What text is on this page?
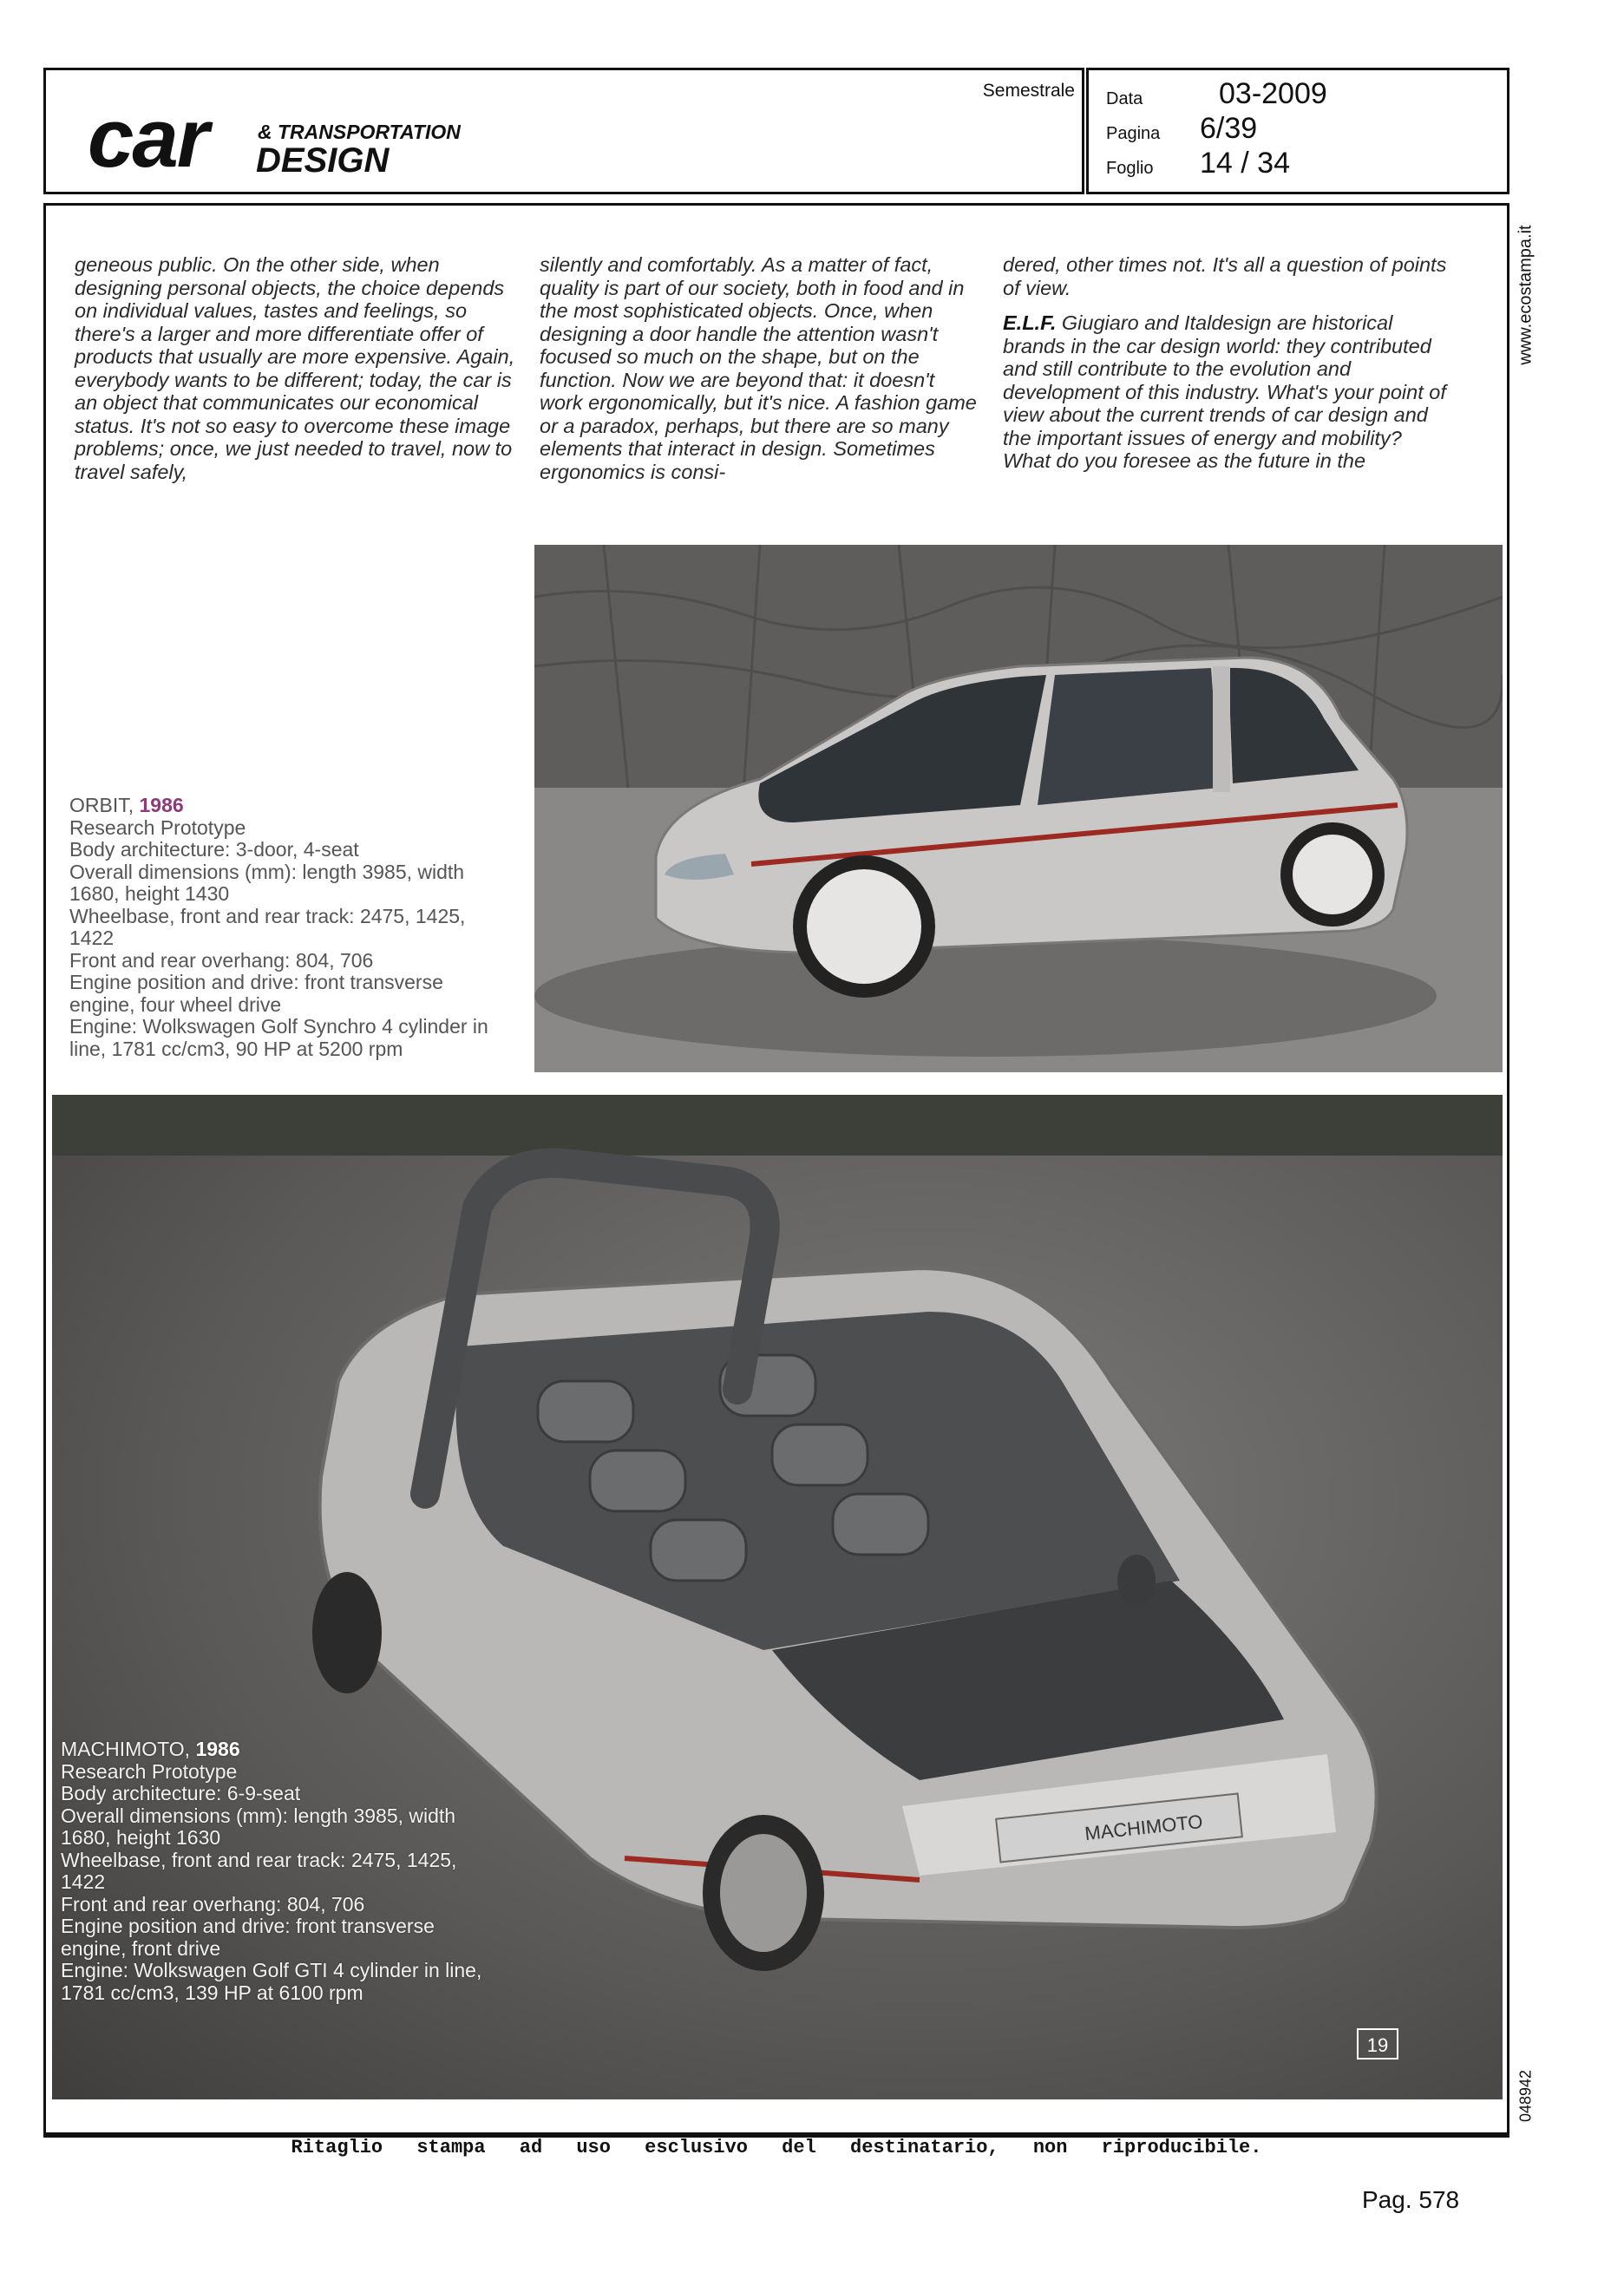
car	& TRANSPORTATION
DESIGN
Semestrale Data	03-2009
Pagina 6/39
Foglio 14 / 34
www.ecostampa.it
048942

geneous public. On the other side, when designing personal objects, the choice depends on individual values, tastes and feelings, so there's a larger and more differentiate offer of products that usually are more expensive. Again, everybody wants to be different; today, the car is an object that communicates our economical status. It's not so easy to overcome these image problems; once, we just needed to travel, now to travel safely,

silently and comfortably. As a matter of fact, quality is part of our society, both in food and in the most sophisticated objects. Once, when designing a door handle the attention wasn't focused so much on the shape, but on the function. Now we are beyond that: it doesn't work ergonomically, but it's nice. A fashion game or a paradox, perhaps, but there are so many elements that interact in design. Sometimes ergonomics is consi-

dered, other times not. It's all a question of points of view.

E.L.F. Giugiaro and Italdesign are historical brands in the car design world: they contributed and still contribute to the evolution and development of this industry. What's your point of view about the current trends of car design and the important issues of energy and mobility? What do you foresee as the future in the

ORBIT, 1986

Research Prototype

Body architecture: 3-door, 4-seat

Overall dimensions (mm): length 3985, width 1680, height 1430

Wheelbase, front and rear track: 2475, 1425, 1422

Front and rear overhang: 804, 706

Engine position and drive: front transverse engine, four wheel drive

Engine: Wolkswagen Golf Synchro 4 cylinder in line, 1781 cc/cm3, 90 HP at 5200 rpm

MACHIMOTO
19

MACHIMOTO, 1986

Research Prototype

Body architecture: 6-9-seat

Overall dimensions (mm): length 3985, width 1680, height 1630

Wheelbase, front and rear track: 2475, 1425, 1422

Front and rear overhang: 804, 706

Engine position and drive: front transverse engine, front drive

Engine: Wolkswagen Golf GTI 4 cylinder in line, 1781 cc/cm3, 139 HP at 6100 rpm

Ritaglio stampa ad uso esclusivo del destinatario, non riproducibile.
Pag. 578
